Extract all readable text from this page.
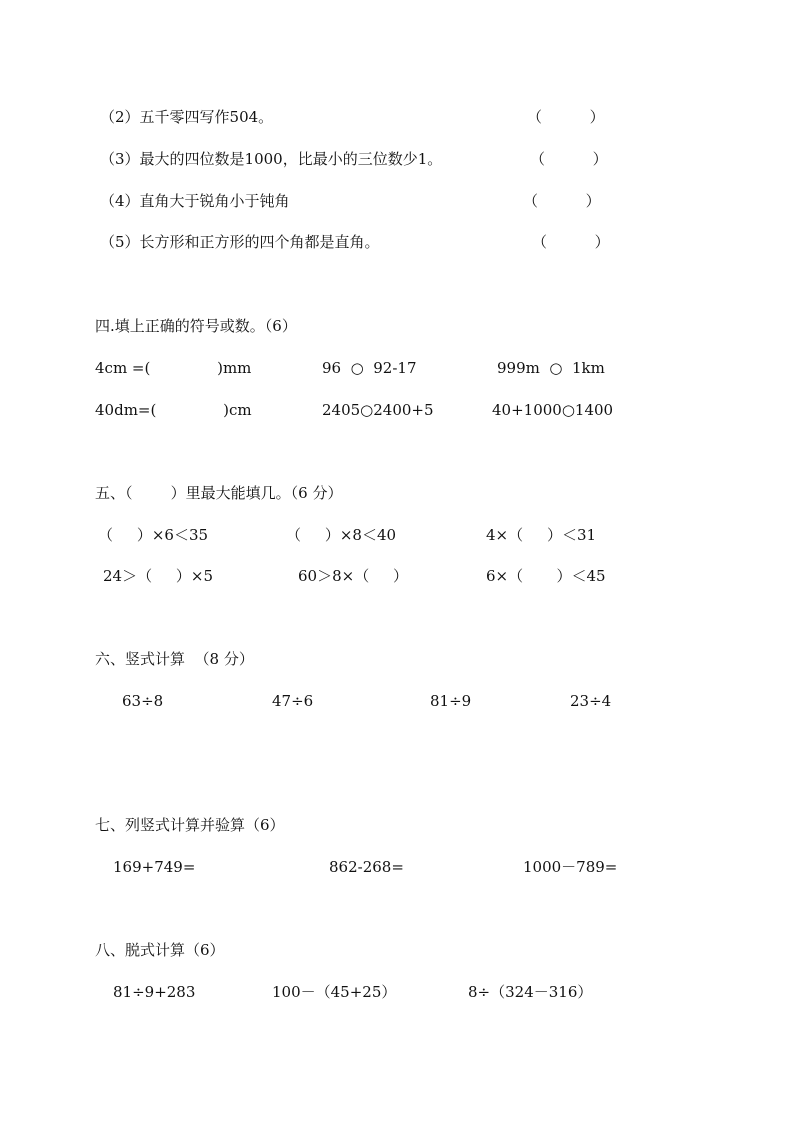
（2）五千零四写作504。	（          ）
（3）最大的四位数是1000，比最小的三位数少1。	（          ）
（4）直角大于锐角小于钝角	（          ）
（5）长方形和正方形的四个角都是直角。	（          ）
四.填上正确的符号或数。（6）
4cm =(              )mm	96  ○  92-17	999m  ○  1km
40dm=(              )cm	2405○2400+5	40+1000○1400
五、（        ）里最大能填几。（6 分）
（     ）×6＜35	（     ）×8＜40	4×（     ）＜31
24＞（     ）×5	60＞8×（     ）	6×（       ）＜45
六、竖式计算  （8 分）
63÷8	47÷6	81÷9	23÷4
七、列竖式计算并验算（6）
169+749=	862-268=	1000－789=
八、脱式计算（6）
81÷9+283	100－（45+25）	8÷（324－316）
